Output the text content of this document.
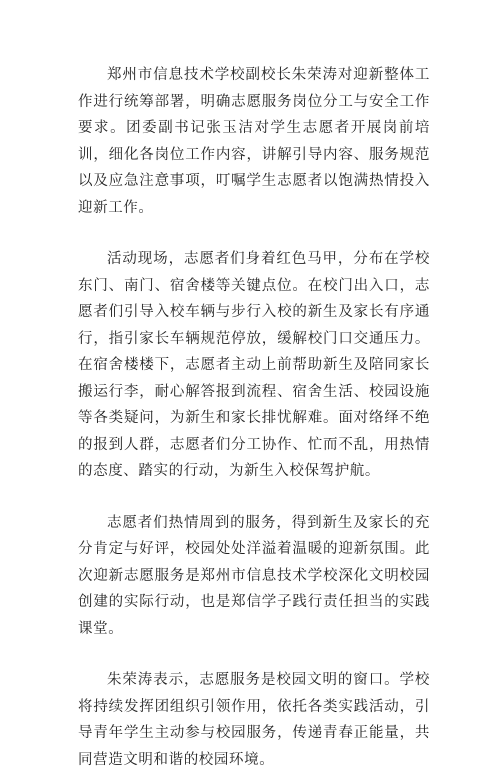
郑州市信息技术学校副校长朱荣涛对迎新整体工作进行统筹部署，明确志愿服务岗位分工与安全工作要求。团委副书记张玉洁对学生志愿者开展岗前培训，细化各岗位工作内容，讲解引导内容、服务规范以及应急注意事项，叮嘱学生志愿者以饱满热情投入迎新工作。

活动现场，志愿者们身着红色马甲，分布在学校东门、南门、宿舍楼等关键点位。在校门出入口，志愿者们引导入校车辆与步行入校的新生及家长有序通行，指引家长车辆规范停放，缓解校门口交通压力。在宿舍楼楼下，志愿者主动上前帮助新生及陪同家长搬运行李，耐心解答报到流程、宿舍生活、校园设施等各类疑问，为新生和家长排忧解难。面对络绎不绝的报到人群，志愿者们分工协作、忙而不乱，用热情的态度、踏实的行动，为新生入校保驾护航。

志愿者们热情周到的服务，得到新生及家长的充分肯定与好评，校园处处洋溢着温暖的迎新氛围。此次迎新志愿服务是郑州市信息技术学校深化文明校园创建的实际行动，也是郑信学子践行责任担当的实践课堂。

朱荣涛表示，志愿服务是校园文明的窗口。学校将持续发挥团组织引领作用，依托各类实践活动，引导青年学生主动参与校园服务，传递青春正能量，共同营造文明和谐的校园环境。
